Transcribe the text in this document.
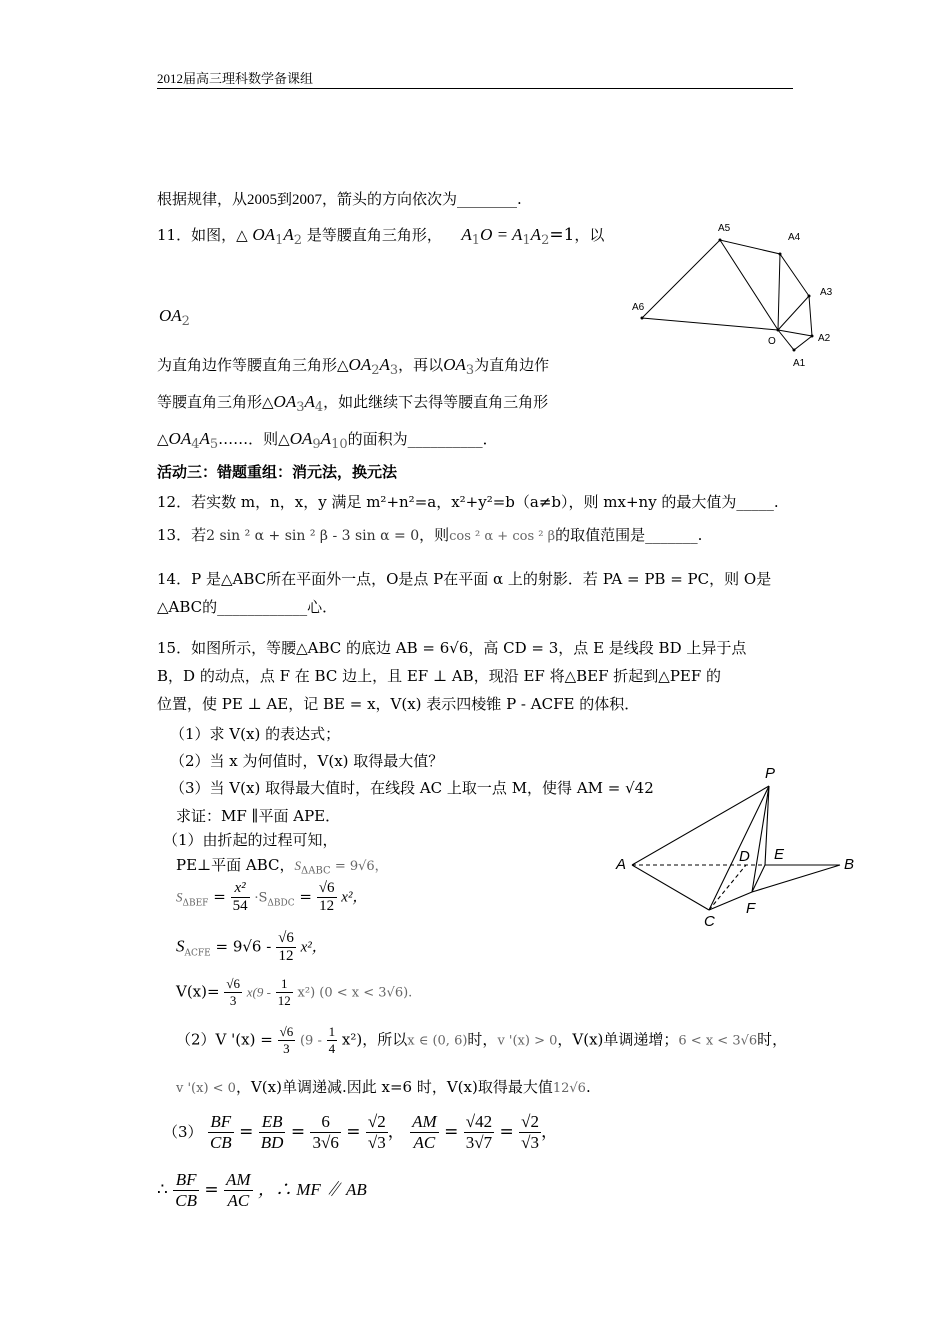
2012届高三理科数学备课组
根据规律，从2005到2007，箭头的方向依次为________.
11．如图，△ $OA_1A_2$ 是等腰直角三角形， $A_1O = A_1A_2=1$，以
$OA_2$
为直角边作等腰直角三角形$\triangle OA_2A_3$，再以$OA_3$为直角边作
等腰直角三角形$\triangle OA_3A_4$，如此继续下去得等腰直角三角形
$\triangle OA_4A_5\dots\dots$．则$\triangle OA_9A_{10}$的面积为__________．
A5
A4
A3
A2
A1
A6
O
活动三：错题重组：消元法，换元法
12．若实数 m，n，x，y 满足 m²+n²=a，x²+y²=b（a≠b），则 mx+ny 的最大值为_____.
13．若2 sin ² α + sin ² β - 3 sin α = 0，则cos ² α + cos ² β的取值范围是_______.
14．P 是△ABC所在平面外一点，O是点 P在平面 α 上的射影．若 PA = PB = PC，则 O是
△ABC的____________心．
15．如图所示，等腰△ABC 的底边 AB = 6√6，高 CD = 3，点 E 是线段 BD 上异于点
B，D 的动点，点 F 在 BC 边上，且 EF ⊥ AB，现沿 EF 将△BEF 折起到△PEF 的
位置，使 PE ⊥ AE，记 BE = x，V(x) 表示四棱锥 P - ACFE 的体积．
（1）求 V(x) 的表达式；
（2）当 x 为何值时，V(x) 取得最大值？
（3）当 V(x) 取得最大值时，在线段 AC 上取一点 M，使得 AM = √42
求证：MF ∥平面 APE．
P
A	D E
B
C
F
（1）由折起的过程可知，
PE⊥平面 ABC，$S_{\Delta ABC} = 9√6$，
$S_{\Delta BEF} = \frac{\text{x²}}{54} \cdot S_{\Delta BDC} = \frac{√6}{12} x^2$，
$S_{ACFE} = 9√6 - \frac{√6}{12} x^2$，
$V(x)= \frac{√6}{3} x(9 - \frac{1}{12} x^2) (0 < x < 3√6)$.
（2）V '$(x) = \frac{√6}{3} (9 - \frac{1}{4} x^2)$，所以x ∈ (0, 6)时，v '(x) > 0，V(x)单调递增；6 < x < 3√6时，
v '(x) < 0，V(x)单调递减.因此 x=6 时，V(x)取得最大值12√6.
$(3) \frac{BF}{CB} = \frac{EB}{BD} = \frac{6}{3√6} = \frac{√2}{√3}$ ， $\frac{AM}{AC} = \frac{√42}{3√7} = \frac{√2}{√3}$ ，
∴ $\frac{BF}{CB} = \frac{AM}{AC}$ ，∴ MF ∥ AB
